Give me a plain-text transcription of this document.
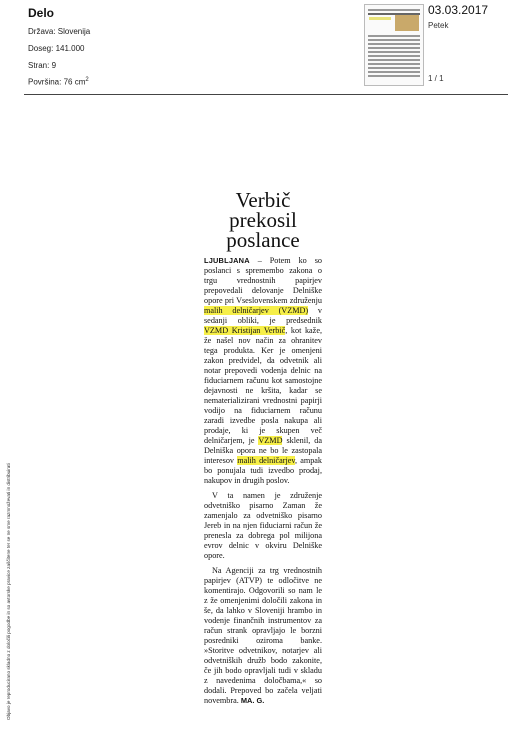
Delo
Država: Slovenija
Doseg: 141.000
Stran: 9
Površina: 76 $cm^2$
03.03.2017
Petek
1 / 1
Objavo je reproducirano skladno z določili pogodbe in so avtorske pravice zaščitene ter se ne sme razmnoževati in distribuirati
Verbič
prekosil
poslance

LJUBLJANA – Potem ko so poslanci s spremembo zakona o trgu vrednostnih papirjev prepovedali delovanje Delniške opore pri Vseslovenskem združenju malih delničarjev (VZMD) v sedanji obliki, je predsednik VZMD Kristijan Verbič, kot kaže, že našel nov način za ohranitev tega produkta. Ker je omenjeni zakon predvidel, da odvetnik ali notar prepovedi vodenja delnic na fiduciarnem računu kot samostojne dejavnosti ne kršita, kadar se nematerializirani vrednostni papirji vodijo na fiduciarnem računu zaradi izvedbe posla nakupa ali prodaje, ki je skupen več delničarjem, je VZMD sklenil, da Delniška opora ne bo le zastopala interesov malih delničarjev, ampak bo ponujala tudi izvedbo prodaj, nakupov in drugih poslov.

V ta namen je združenje odvetniško pisarno Zaman že zamenjalo za odvetniško pisarno Jereb in na njen fiduciarni račun že prenesla za dobrega pol milijona evrov delnic v okviru Delniške opore.

Na Agenciji za trg vrednostnih papirjev (ATVP) te odločitve ne komentirajo. Odgovorili so nam le z že omenjenimi določili zakona in še, da lahko v Sloveniji hrambo in vodenje finančnih instrumentov za račun strank opravljajo le borzni posredniki oziroma banke. »Storitve odvetnikov, notarjev ali odvetniških družb bodo zakonite, če jih bodo opravljali tudi v skladu z navedenima določbama,« so dodali. Prepoved bo začela veljati novembra. MA. G.
